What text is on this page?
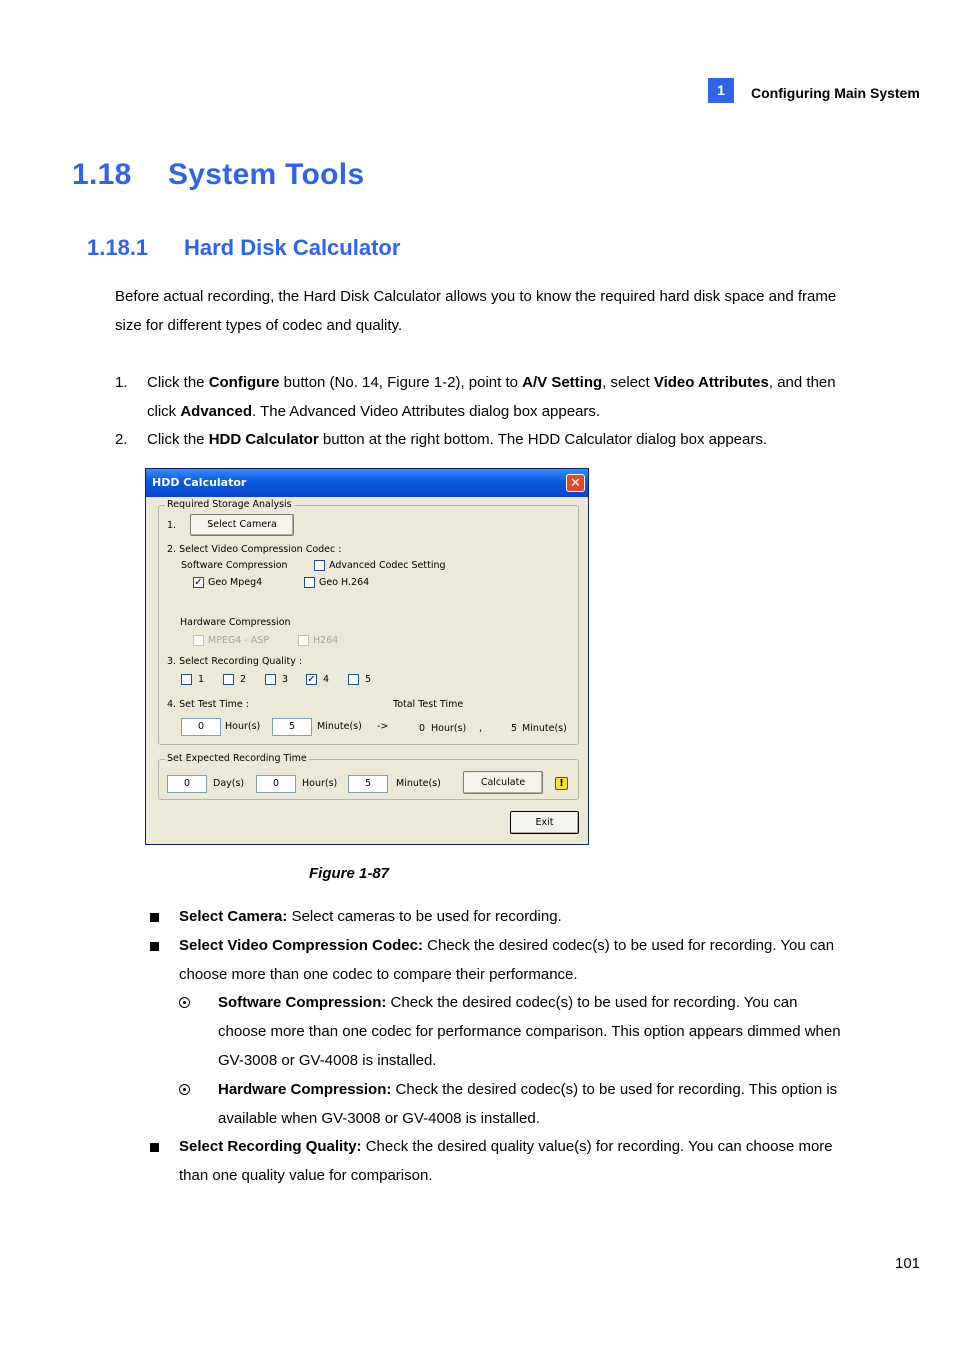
1	Configuring Main System
1.18 System Tools
1.18.1 Hard Disk Calculator
Before actual recording, the Hard Disk Calculator allows you to know the required hard disk space and frame size for different types of codec and quality.
1. Click the Configure button (No. 14, Figure 1-2), point to A/V Setting, select Video Attributes, and then click Advanced. The Advanced Video Attributes dialog box appears.
2. Click the HDD Calculator button at the right bottom. The HDD Calculator dialog box appears.
HDD Calculator	✕
Required Storage Analysis
1.	Select Camera
2. Select Video Compression Codec :
Software Compression	Advanced Codec Setting
✓ Geo Mpeg4	Geo H.264
Hardware Compression
MPEG4 - ASP	H264
3. Select Recording Quality :
1	2	3 ✓ 4	5
4. Set Test Time :	Total Test Time
0	Hour(s)	5	Minute(s) ->	0 Hour(s) ,	5 Minute(s)
Set Expected Recording Time
0	Day(s)	0	Hour(s)	5	Minute(s)	Calculate	!
Exit
Figure 1-87
Select Camera: Select cameras to be used for recording.
Select Video Compression Codec: Check the desired codec(s) to be used for recording. You can choose more than one codec to compare their performance.
Software Compression: Check the desired codec(s) to be used for recording. You can choose more than one codec for performance comparison. This option appears dimmed when GV-3008 or GV-4008 is installed.
Hardware Compression: Check the desired codec(s) to be used for recording. This option is available when GV-3008 or GV-4008 is installed.
Select Recording Quality: Check the desired quality value(s) for recording. You can choose more than one quality value for comparison.
101
